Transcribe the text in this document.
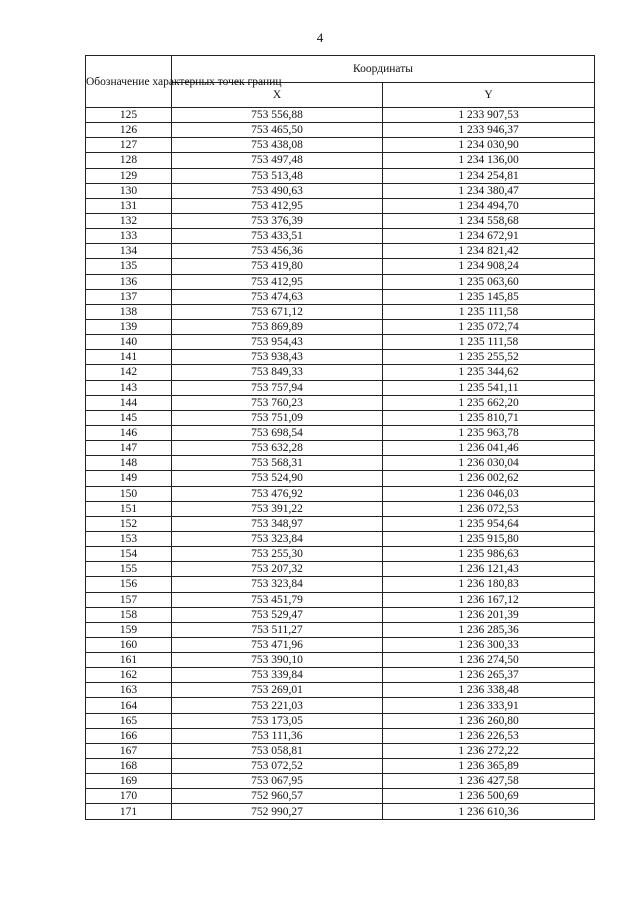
4
Обозначение характерных точек границ	Координаты	
	X	Y
125	753 556,88	1 233 907,53
126	753 465,50	1 233 946,37
127	753 438,08	1 234 030,90
128	753 497,48	1 234 136,00
129	753 513,48	1 234 254,81
130	753 490,63	1 234 380,47
131	753 412,95	1 234 494,70
132	753 376,39	1 234 558,68
133	753 433,51	1 234 672,91
134	753 456,36	1 234 821,42
135	753 419,80	1 234 908,24
136	753 412,95	1 235 063,60
137	753 474,63	1 235 145,85
138	753 671,12	1 235 111,58
139	753 869,89	1 235 072,74
140	753 954,43	1 235 111,58
141	753 938,43	1 235 255,52
142	753 849,33	1 235 344,62
143	753 757,94	1 235 541,11
144	753 760,23	1 235 662,20
145	753 751,09	1 235 810,71
146	753 698,54	1 235 963,78
147	753 632,28	1 236 041,46
148	753 568,31	1 236 030,04
149	753 524,90	1 236 002,62
150	753 476,92	1 236 046,03
151	753 391,22	1 236 072,53
152	753 348,97	1 235 954,64
153	753 323,84	1 235 915,80
154	753 255,30	1 235 986,63
155	753 207,32	1 236 121,43
156	753 323,84	1 236 180,83
157	753 451,79	1 236 167,12
158	753 529,47	1 236 201,39
159	753 511,27	1 236 285,36
160	753 471,96	1 236 300,33
161	753 390,10	1 236 274,50
162	753 339,84	1 236 265,37
163	753 269,01	1 236 338,48
164	753 221,03	1 236 333,91
165	753 173,05	1 236 260,80
166	753 111,36	1 236 226,53
167	753 058,81	1 236 272,22
168	753 072,52	1 236 365,89
169	753 067,95	1 236 427,58
170	752 960,57	1 236 500,69
171	752 990,27	1 236 610,36
